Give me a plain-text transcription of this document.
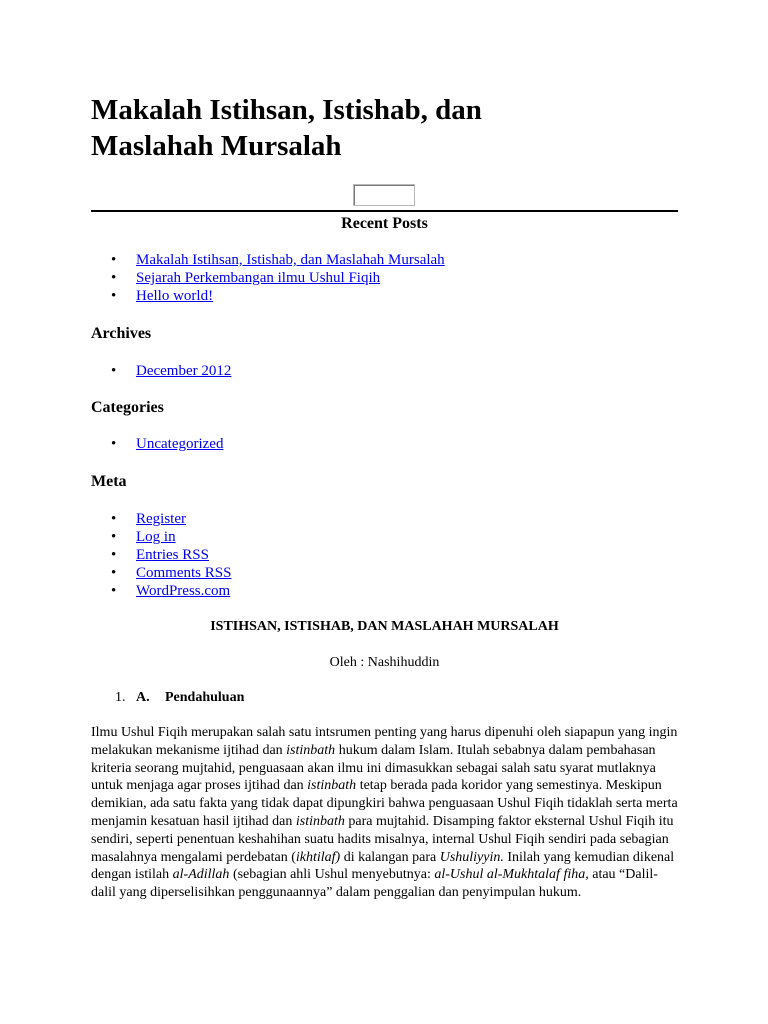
Makalah Istihsan, Istishab, dan
Maslahah Mursalah
Recent Posts
• Makalah Istihsan, Istishab, dan Maslahah Mursalah
• Sejarah Perkembangan ilmu Ushul Fiqih
• Hello world!
Archives
• December 2012
Categories
• Uncategorized
Meta
• Register
• Log in
• Entries RSS
• Comments RSS
• WordPress.com
ISTIHSAN, ISTISHAB, DAN MASLAHAH MURSALAH
Oleh : Nashihuddin
1. A. Pendahuluan

Ilmu Ushul Fiqih merupakan salah satu intsrumen penting yang harus dipenuhi oleh siapapun yang ingin melakukan mekanisme ijtihad dan istinbath hukum dalam Islam. Itulah sebabnya dalam pembahasan kriteria seorang mujtahid, penguasaan akan ilmu ini dimasukkan sebagai salah satu syarat mutlaknya untuk menjaga agar proses ijtihad dan istinbath tetap berada pada koridor yang semestinya. Meskipun demikian, ada satu fakta yang tidak dapat dipungkiri bahwa penguasaan Ushul Fiqih tidaklah serta merta menjamin kesatuan hasil ijtihad dan istinbath para mujtahid. Disamping faktor eksternal Ushul Fiqih itu sendiri, seperti penentuan keshahihan suatu hadits misalnya, internal Ushul Fiqih sendiri pada sebagian masalahnya mengalami perdebatan (ikhtilaf) di kalangan para Ushuliyyin. Inilah yang kemudian dikenal dengan istilah al-Adillah (sebagian ahli Ushul menyebutnya: al-Ushul al-Mukhtalaf fiha, atau “Dalil-dalil yang diperselisihkan penggunaannya” dalam penggalian dan penyimpulan hukum.
